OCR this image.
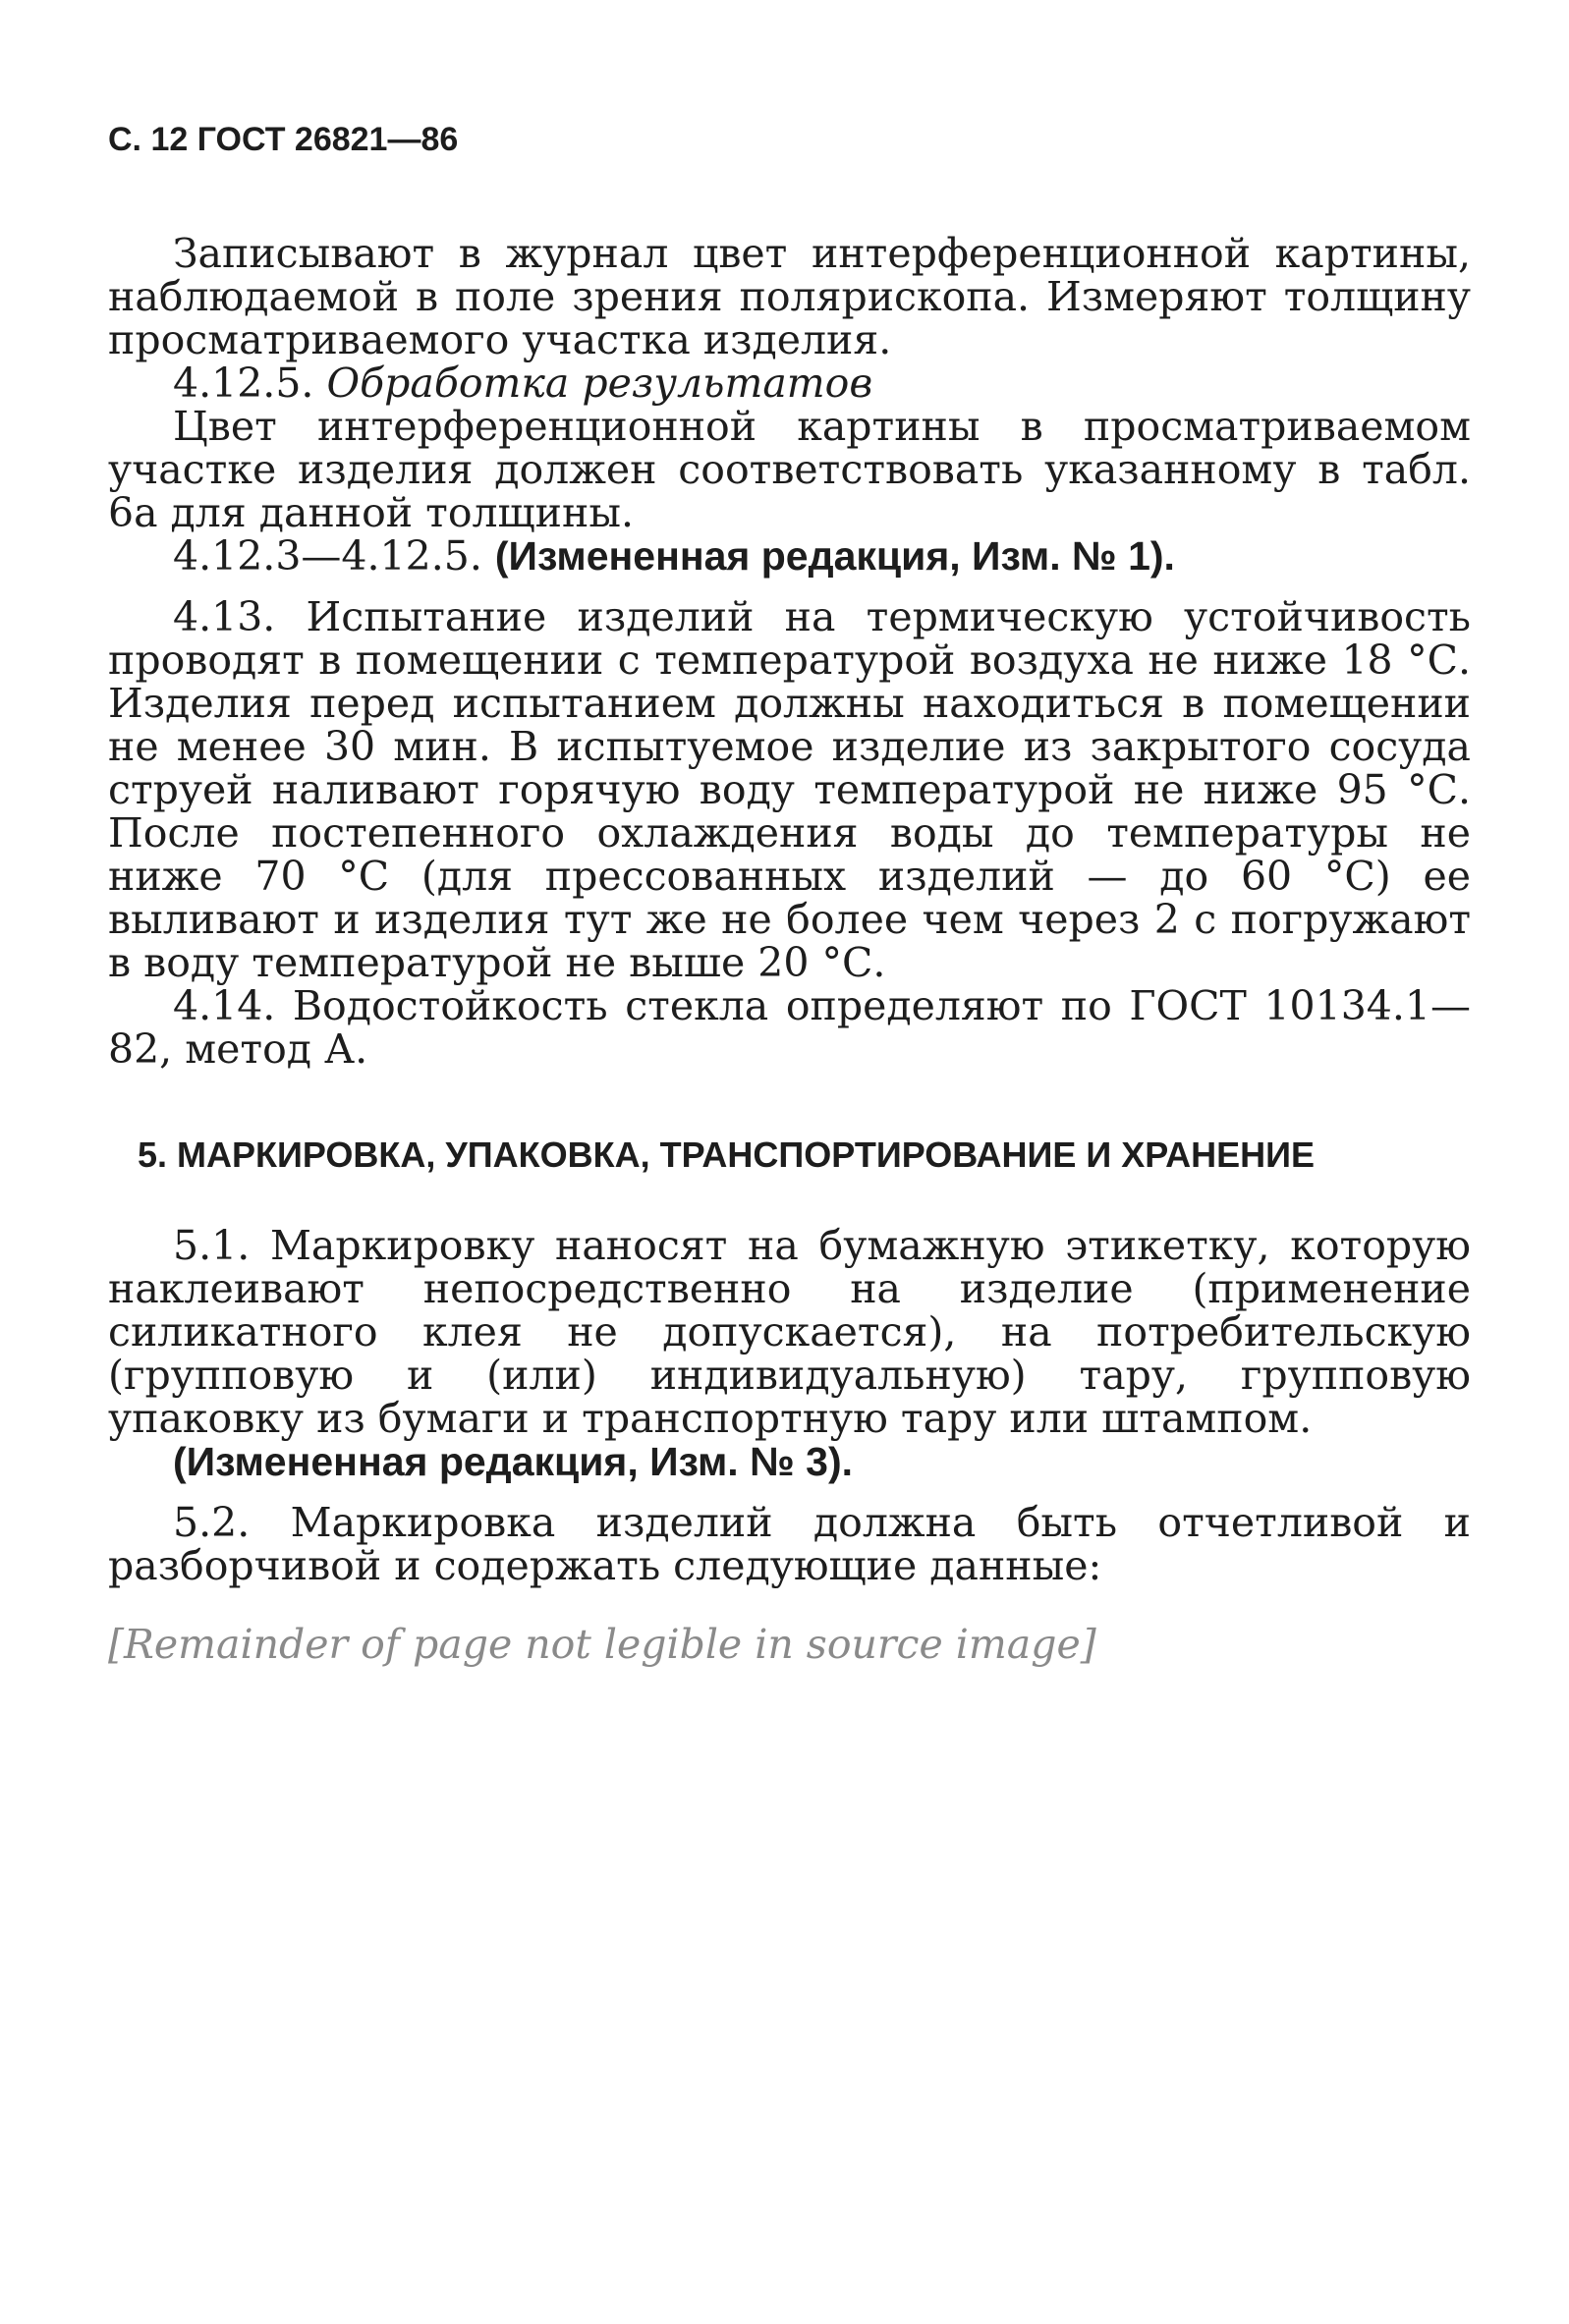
С. 12 ГОСТ 26821—86

Записывают в журнал цвет интерференционной картины, наблюдаемой в поле зрения полярископа. Измеряют толщину просматриваемого участка изделия.

4.12.5. Обработка результатов

Цвет интерференционной картины в просматриваемом участке изделия должен соответствовать указанному в табл. 6а для данной толщины.

4.12.3—4.12.5. (Измененная редакция, Изм. № 1).

4.13. Испытание изделий на термическую устойчивость проводят в помещении с температурой воздуха не ниже 18 °С. Изделия перед испытанием должны находиться в помещении не менее 30 мин. В испытуемое изделие из закрытого сосуда струей наливают горячую воду температурой не ниже 95 °С. После постепенного охлаждения воды до температуры не ниже 70 °С (для прессованных изделий — до 60 °С) ее выливают и изделия тут же не более чем через 2 с погружают в воду температурой не выше 20 °С.

4.14. Водостойкость стекла определяют по ГОСТ 10134.1—82, метод А.

5. МАРКИРОВКА, УПАКОВКА, ТРАНСПОРТИРОВАНИЕ И ХРАНЕНИЕ

5.1. Маркировку наносят на бумажную этикетку, которую наклеивают непосредственно на изделие (применение силикатного клея не допускается), на потребительскую (групповую и (или) индивидуальную) тару, групповую упаковку из бумаги и транспортную тару или штампом.

(Измененная редакция, Изм. № 3).

5.2. Маркировка изделий должна быть отчетливой и разборчивой и содержать следующие данные:

[Remainder of page not legible in source image]
